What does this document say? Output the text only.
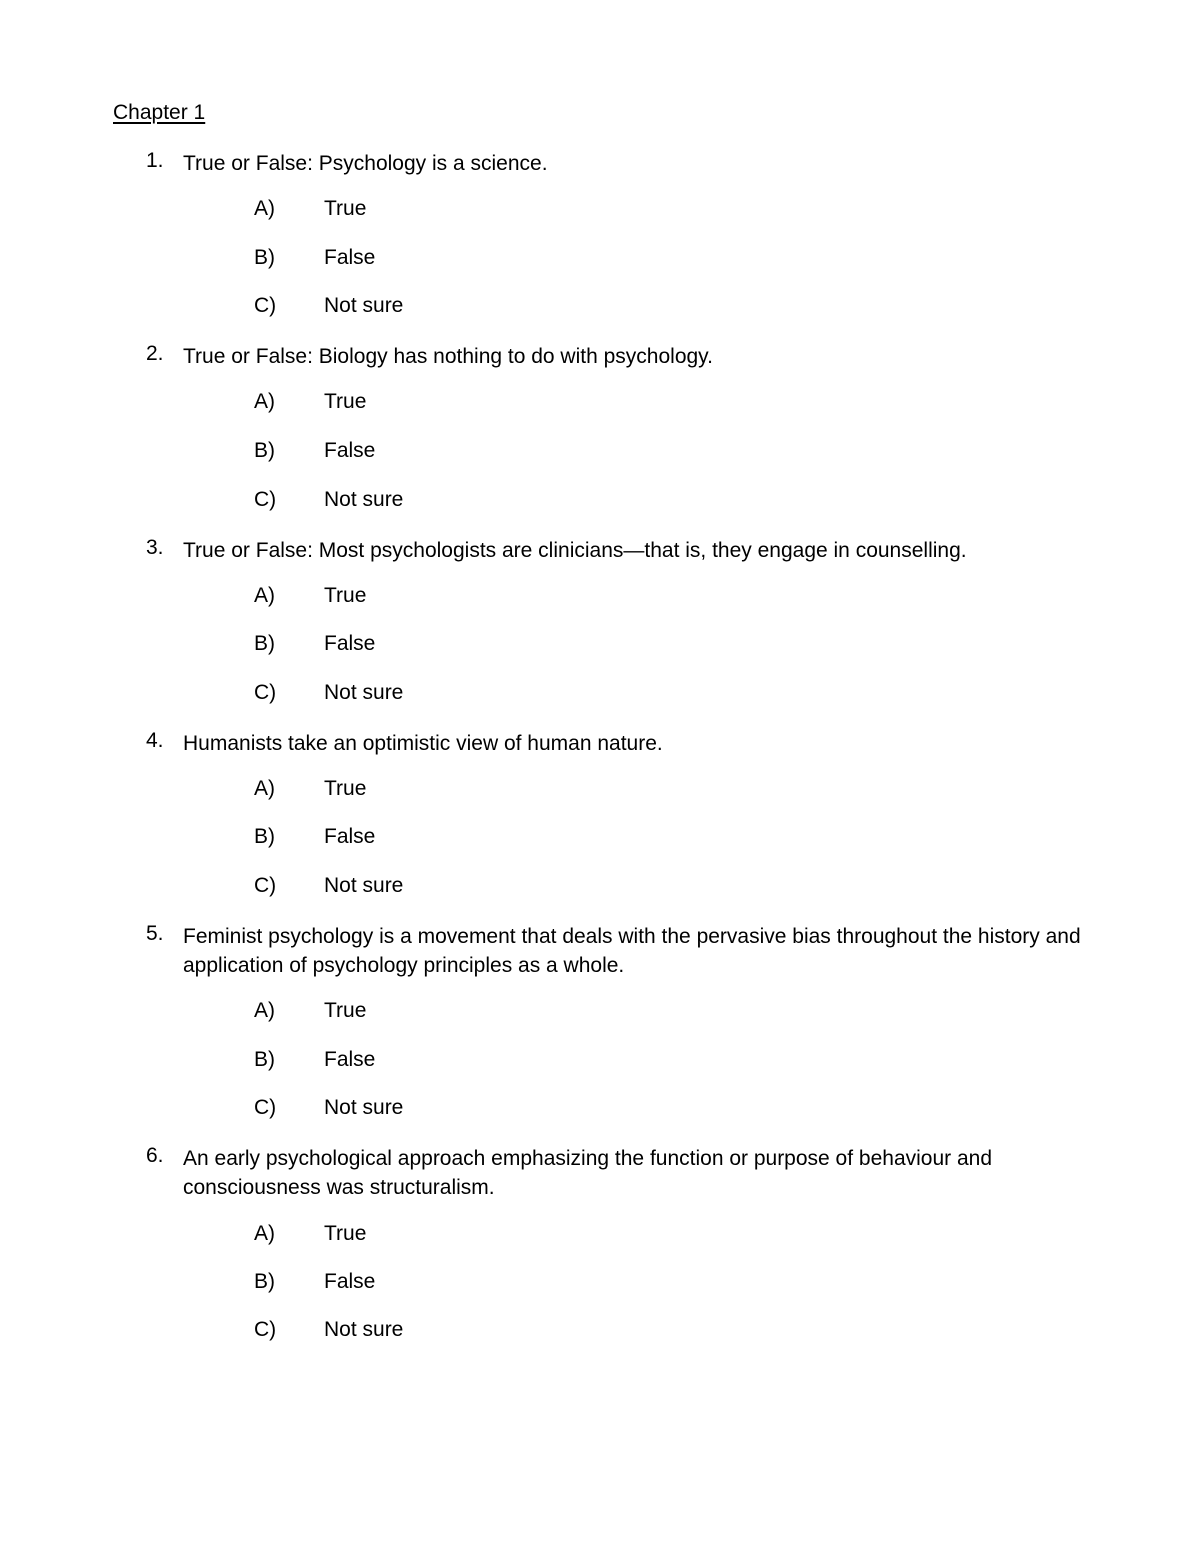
Chapter 1
1. True or False: Psychology is a science.
A) True
B) False
C) Not sure
2. True or False: Biology has nothing to do with psychology.
A) True
B) False
C) Not sure
3. True or False: Most psychologists are clinicians—that is, they engage in counselling.
A) True
B) False
C) Not sure
4. Humanists take an optimistic view of human nature.
A) True
B) False
C) Not sure
5. Feminist psychology is a movement that deals with the pervasive bias throughout the history and application of psychology principles as a whole.
A) True
B) False
C) Not sure
6. An early psychological approach emphasizing the function or purpose of behaviour and consciousness was structuralism.
A) True
B) False
C) Not sure
